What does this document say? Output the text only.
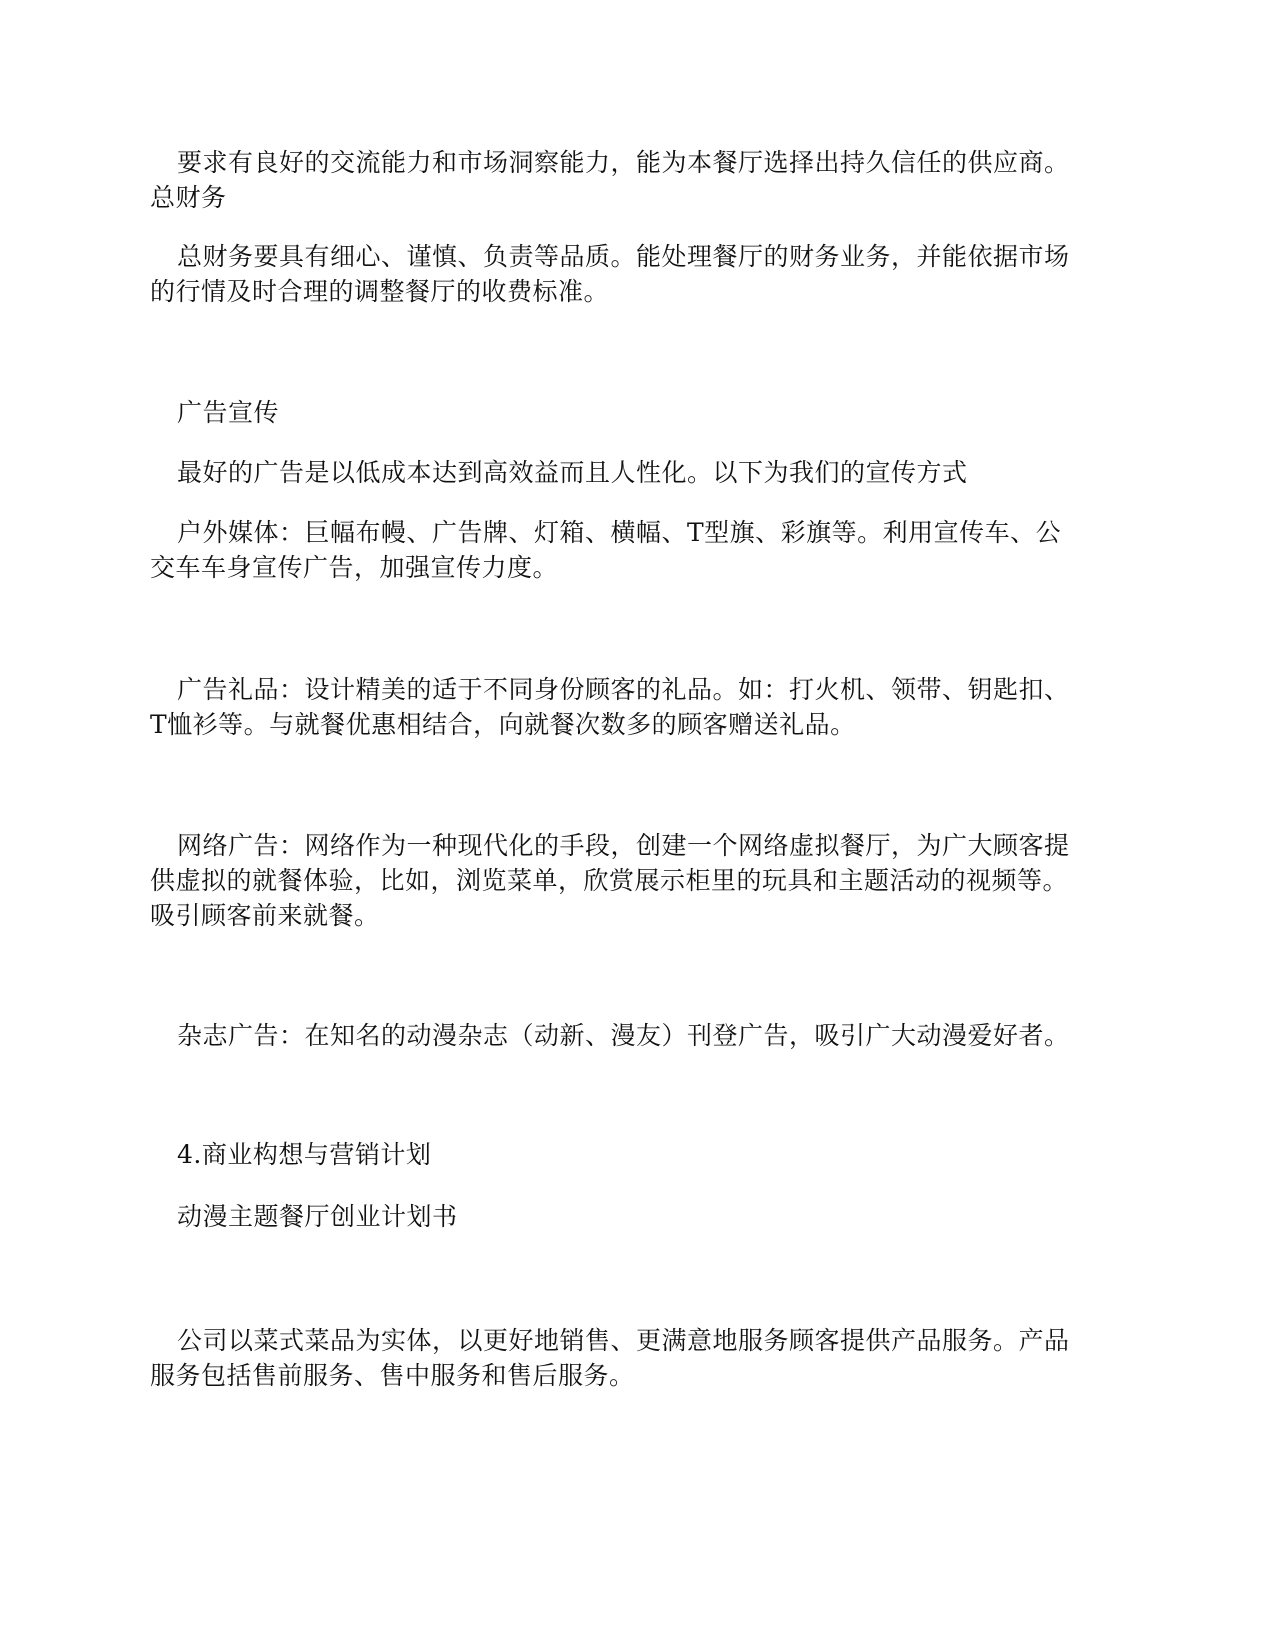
要求有良好的交流能力和市场洞察能力，能为本餐厅选择出持久信任的供应商。

总财务

总财务要具有细心、谨慎、负责等品质。能处理餐厅的财务业务，并能依据市场
的行情及时合理的调整餐厅的收费标准。

广告宣传

最好的广告是以低成本达到高效益而且人性化。以下为我们的宣传方式

户外媒体：巨幅布幔、广告牌、灯箱、横幅、T型旗、彩旗等。利用宣传车、公
交车车身宣传广告，加强宣传力度。

广告礼品：设计精美的适于不同身份顾客的礼品。如：打火机、领带、钥匙扣、
T恤衫等。与就餐优惠相结合，向就餐次数多的顾客赠送礼品。

网络广告：网络作为一种现代化的手段，创建一个网络虚拟餐厅，为广大顾客提
供虚拟的就餐体验，比如，浏览菜单，欣赏展示柜里的玩具和主题活动的视频等。
吸引顾客前来就餐。

杂志广告：在知名的动漫杂志（动新、漫友）刊登广告，吸引广大动漫爱好者。

4.商业构想与营销计划

动漫主题餐厅创业计划书

公司以菜式菜品为实体，以更好地销售、更满意地服务顾客提供产品服务。产品
服务包括售前服务、售中服务和售后服务。
